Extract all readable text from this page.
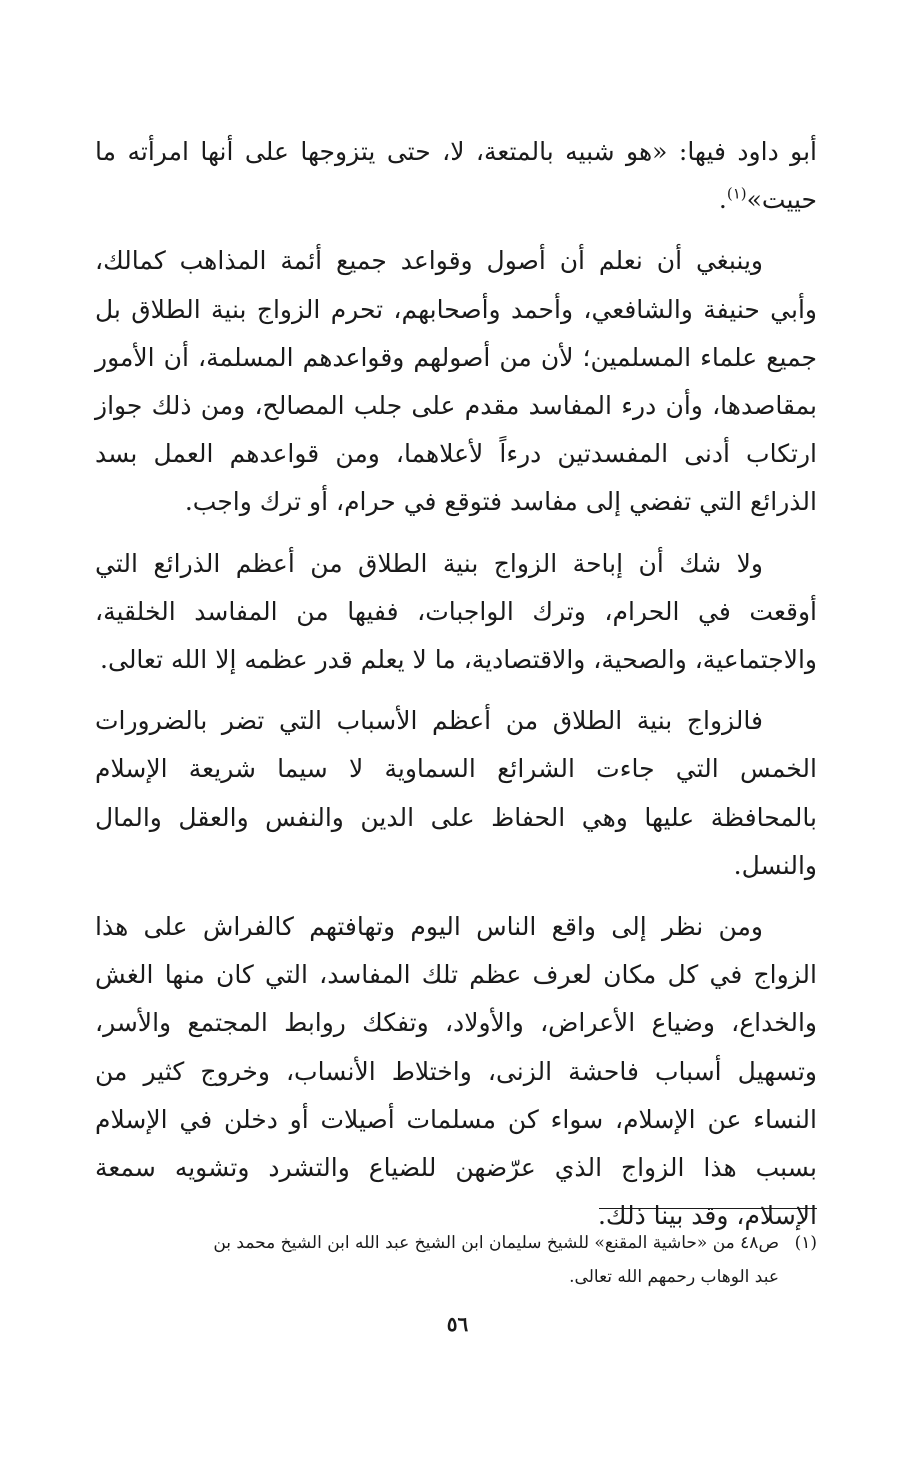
أبو داود فيها: «هو شبيه بالمتعة، لا، حتى يتزوجها على أنها امرأته ما حييت»$^{(١)}$.

وينبغي أن نعلم أن أصول وقواعد جميع أئمة المذاهب كمالك، وأبي حنيفة والشافعي، وأحمد وأصحابهم، تحرم الزواج بنية الطلاق بل جميع علماء المسلمين؛ لأن من أصولهم وقواعدهم المسلمة، أن الأمور بمقاصدها، وأن درء المفاسد مقدم على جلب المصالح، ومن ذلك جواز ارتكاب أدنى المفسدتين درءاً لأعلاهما، ومن قواعدهم العمل بسد الذرائع التي تفضي إلى مفاسد فتوقع في حرام، أو ترك واجب.

ولا شك أن إباحة الزواج بنية الطلاق من أعظم الذرائع التي أوقعت في الحرام، وترك الواجبات، ففيها من المفاسد الخلقية، والاجتماعية، والصحية، والاقتصادية، ما لا يعلم قدر عظمه إلا الله تعالى.

فالزواج بنية الطلاق من أعظم الأسباب التي تضر بالضرورات الخمس التي جاءت الشرائع السماوية لا سيما شريعة الإسلام بالمحافظة عليها وهي الحفاظ على الدين والنفس والعقل والمال والنسل.

ومن نظر إلى واقع الناس اليوم وتهافتهم كالفراش على هذا الزواج في كل مكان لعرف عظم تلك المفاسد، التي كان منها الغش والخداع، وضياع الأعراض، والأولاد، وتفكك روابط المجتمع والأسر، وتسهيل أسباب فاحشة الزنى، واختلاط الأنساب، وخروج كثير من النساء عن الإسلام، سواء كن مسلمات أصيلات أو دخلن في الإسلام بسبب هذا الزواج الذي عرّضهن للضياع والتشرد وتشويه سمعة الإسلام، وقد بينا ذلك.

(١)ص٤٨ من «حاشية المقنع» للشيخ سليمان ابن الشيخ عبد الله ابن الشيخ محمد بن
عبد الوهاب رحمهم الله تعالى.
٥٦
